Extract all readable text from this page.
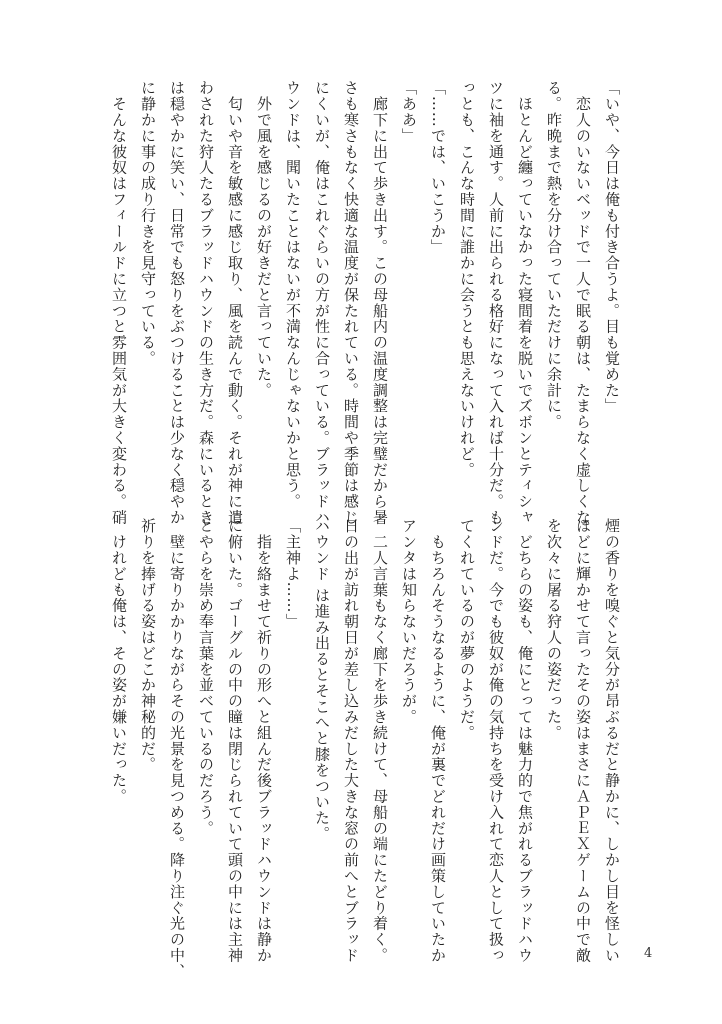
「いや、今日は俺も付き合うよ。目も覚めた」
　恋人のいないベッドで一人で眠る朝は、たまらなく虚しくな
る。昨晩まで熱を分け合っていただけに余計に。
　ほとんど纏っていなかった寝間着を脱いでズボンとティシャ
ツに袖を通す。人前に出られる格好になって入れば十分だ。も
っとも、こんな時間に誰かに会うとも思えないけれど。
「……では、いこうか」
「ああ」
　廊下に出て歩き出す。この母船内の温度調整は完璧だから暑
さも寒さもなく快適な温度が保たれている。時間や季節は感じ
にくいが、俺はこれぐらいの方が性に合っている。ブラッドハ
ウンドは、聞いたことはないが不満なんじゃないかと思う。
　外で風を感じるのが好きだと言っていた。
　匂いや音を敏感に感じ取り、風を読んで動く。それが神に遣
わされた狩人たるブラッドハウンドの生き方だ。森にいるとき
は穏やかに笑い、日常でも怒りをぶつけることは少なく穏やか
に静かに事の成り行きを見守っている。
　そんな彼奴はフィールドに立つと雰囲気が大きく変わる。硝
煙の香りを嗅ぐと気分が昂ぶるだと静かに、しかし目を怪しい
ほどに輝かせて言ったその姿はまさにＡＰＥＸゲームの中で敵
を次々に屠る狩人の姿だった。
　どちらの姿も、俺にとっては魅力的で焦がれるブラッドハウ
ンドだ。今でも彼奴が俺の気持ちを受け入れて恋人として扱っ
てくれているのが夢のようだ。
　もちろんそうなるように、俺が裏でどれだけ画策していたか
アンタは知らないだろうが。
　二人言葉もなく廊下を歩き続けて、母船の端にたどり着く。
日の出が訪れ朝日が差し込みだした大きな窓の前へとブラッド
ハウンド は進み出るとそこへと膝をついた。
「主神よ……」
　指を絡ませて祈りの形へと組んだ後ブラッドハウンドは静か
に俯いた。ゴーグルの中の瞳は閉じられていて頭の中には主神
とやらを崇め奉言葉を並べているのだろう。
　壁に寄りかかりながらその光景を見つめる。降り注ぐ光の中、
祈りを捧げる姿はどこか神秘的だ。
　けれども俺は、その姿が嫌いだった。
4
